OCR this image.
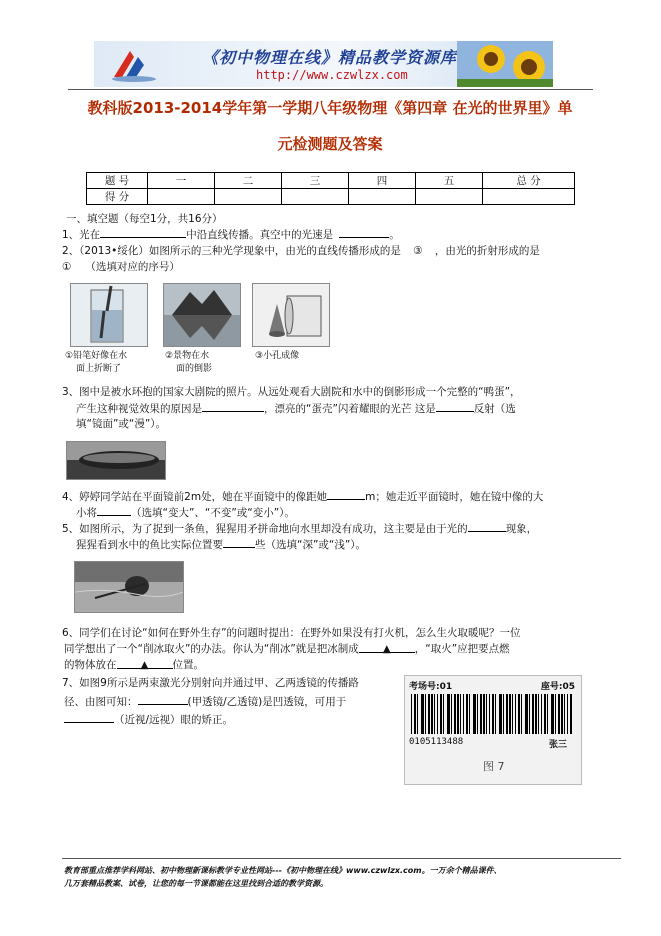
《初中物理在线》精品教学资源库
http://www.czwlzx.com
教科版2013-2014学年第一学期八年级物理《第四章 在光的世界里》单
元检测题及答案
题 号	一	二	三	四	五	总 分
得 分						
一、填空题（每空1分，共16分）
1、光在	中沿直线传播。真空中的光速是	。
2、（2013•绥化）如图所示的三种光学现象中，由光的直线传播形成的是 ③ ，由光的折射形成的是
① （选填对应的序号）
①铅笔好像在水
面上折断了
②景物在水
面的倒影
③小孔成像
3、图中是被水环抱的国家大剧院的照片。从远处观看大剧院和水中的倒影形成一个完整的“鸭蛋”，
产生这种视觉效果的原因是	，漂亮的“蛋壳”闪着耀眼的光芒 这是	反射（选
填“镜面”或“漫”）。
4、婷婷同学站在平面镜前2m处，她在平面镜中的像距她	m；她走近平面镜时，她在镜中像的大
小将	（选填“变大”、“不变”或“变小”）。
5、如图所示，为了捉到一条鱼，猩猩用矛拼命地向水里却没有成功，这主要是由于光的	现象，
猩猩看到水中的鱼比实际位置要	些（选填“深”或“浅”）。
6、同学们在讨论“如何在野外生存”的问题时提出：在野外如果没有打火机，怎么生火取暖呢？一位
同学想出了一个“削冰取火”的办法。你认为“削冰”就是把冰制成 ▲ ，“取火”应把要点燃
的物体放在 ▲ 位置。
7、如图9所示是两束激光分别射向并通过甲、乙两透镜的传播路
径、由图可知：	(甲透镜/乙透镜)是凹透镜，可用于
（近视/远视）眼的矫正。
考场号:01	座号:05
0105113488	张三
图 7
教育部重点推荐学科网站、初中物理新课标教学专业性网站---《初中物理在线》www.czwlzx.com。一万余个精品课件、
几万套精品教案、试卷，让您的每一节课都能在这里找到合适的教学资源。
